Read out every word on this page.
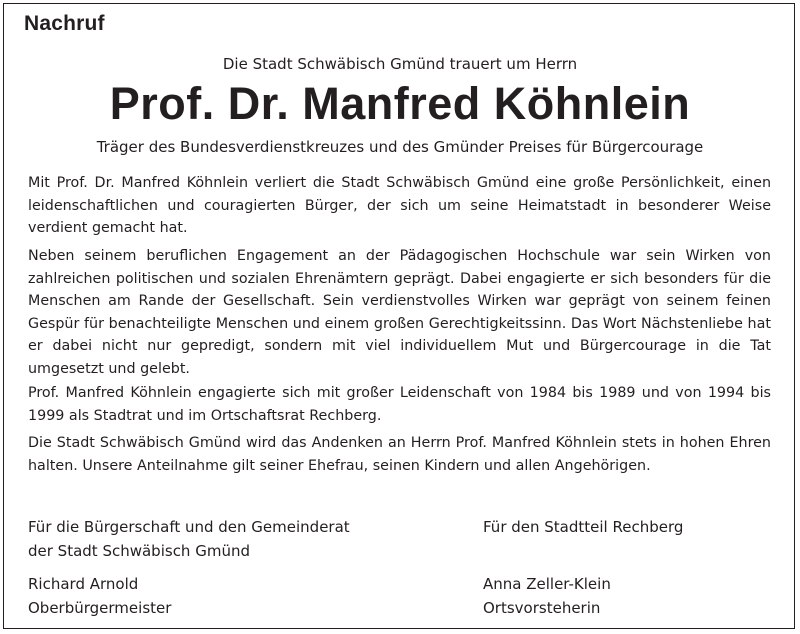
Nachruf
Die Stadt Schwäbisch Gmünd trauert um Herrn
Prof. Dr. Manfred Köhnlein
Träger des Bundesverdienstkreuzes und des Gmünder Preises für Bürgercourage
Mit Prof. Dr. Manfred Köhnlein verliert die Stadt Schwäbisch Gmünd eine große Persönlichkeit, einen leidenschaftlichen und couragierten Bürger, der sich um seine Heimatstadt in besonderer Weise verdient gemacht hat.
Neben seinem beruflichen Engagement an der Pädagogischen Hochschule war sein Wirken von zahlreichen politischen und sozialen Ehrenämtern geprägt. Dabei engagierte er sich besonders für die Menschen am Rande der Gesellschaft. Sein verdienstvolles Wirken war geprägt von seinem feinen Gespür für benachteiligte Menschen und einem großen Gerechtigkeitssinn. Das Wort Nächstenliebe hat er dabei nicht nur gepredigt, sondern mit viel individuellem Mut und Bürgercourage in die Tat umgesetzt und gelebt.
Prof. Manfred Köhnlein engagierte sich mit großer Leidenschaft von 1984 bis 1989 und von 1994 bis 1999 als Stadtrat und im Ortschaftsrat Rechberg.
Die Stadt Schwäbisch Gmünd wird das Andenken an Herrn Prof. Manfred Köhnlein stets in hohen Ehren halten. Unsere Anteilnahme gilt seiner Ehefrau, seinen Kindern und allen Angehörigen.
Für die Bürgerschaft und den Gemeinderat
der Stadt Schwäbisch Gmünd
Für den Stadtteil Rechberg
Richard Arnold
Oberbürgermeister
Anna Zeller-Klein
Ortsvorsteherin
